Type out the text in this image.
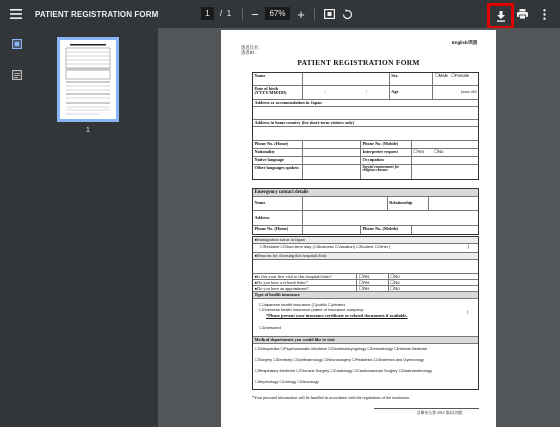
PATIENT REGISTRATION FORM	1	/ 1 −	67% +
1
English/英語
患者氏名：
患者ID：
PATIENT REGISTRATION FORM
Name	Sex	☐Male ☐Female
Date of birth (YYYY/MM/DD)	/	/	Age	years old
Address or accommodation in Japan
Address in home country (for short-term visitors only)
Phone No. (Home)	Phone No. (Mobile)
Nationality	Interpreter request	☐Yes ☐No
Native language	Occupation
Other languages spoken	Special requirements for religious reasons
Emergency contact details
Name	Relationship
Address
Phone No. (Home)	Phone No. (Mobile)
●Immigration status in Japan
☐Resident ☐Short-term stay (☐Business ☐Vacation) ☐Student ☐Other (	)
●Reasons for choosing this hospital/clinic
●Is this your first visit to this hospital/clinic?	☐Yes	☐No
●Do you have a referral letter?	☐Yes	☐No
●Do you have an appointment?	☐Yes	☐No
Type of health insurance
☐Japanese health insurance (☐public ☐private)
☐Overseas health insurance (name of insurance company:	)
*Please present your insurance certificate or related documents if available.
☐Uninsured
Medical departments you would like to visit
☐Orthopedics ☐Psychosomatic Medicine ☐Otorhinolaryngology ☐Dermatology ☐Internal Medicine
☐Surgery ☐Dentistry ☐Ophthalmology ☐Neurosurgery ☐Pediatrics ☐Obstetrics and Gynecology
☐Respiratory Medicine ☐Thoracic Surgery ☐Cardiology ☐Cardiovascular Surgery ☐Gastroenterology
☐Nephrology ☐Urology ☐Neurology
*Your personal information will be handled in accordance with the regulations of the institution.
診療申込書 2014 第2次初版
